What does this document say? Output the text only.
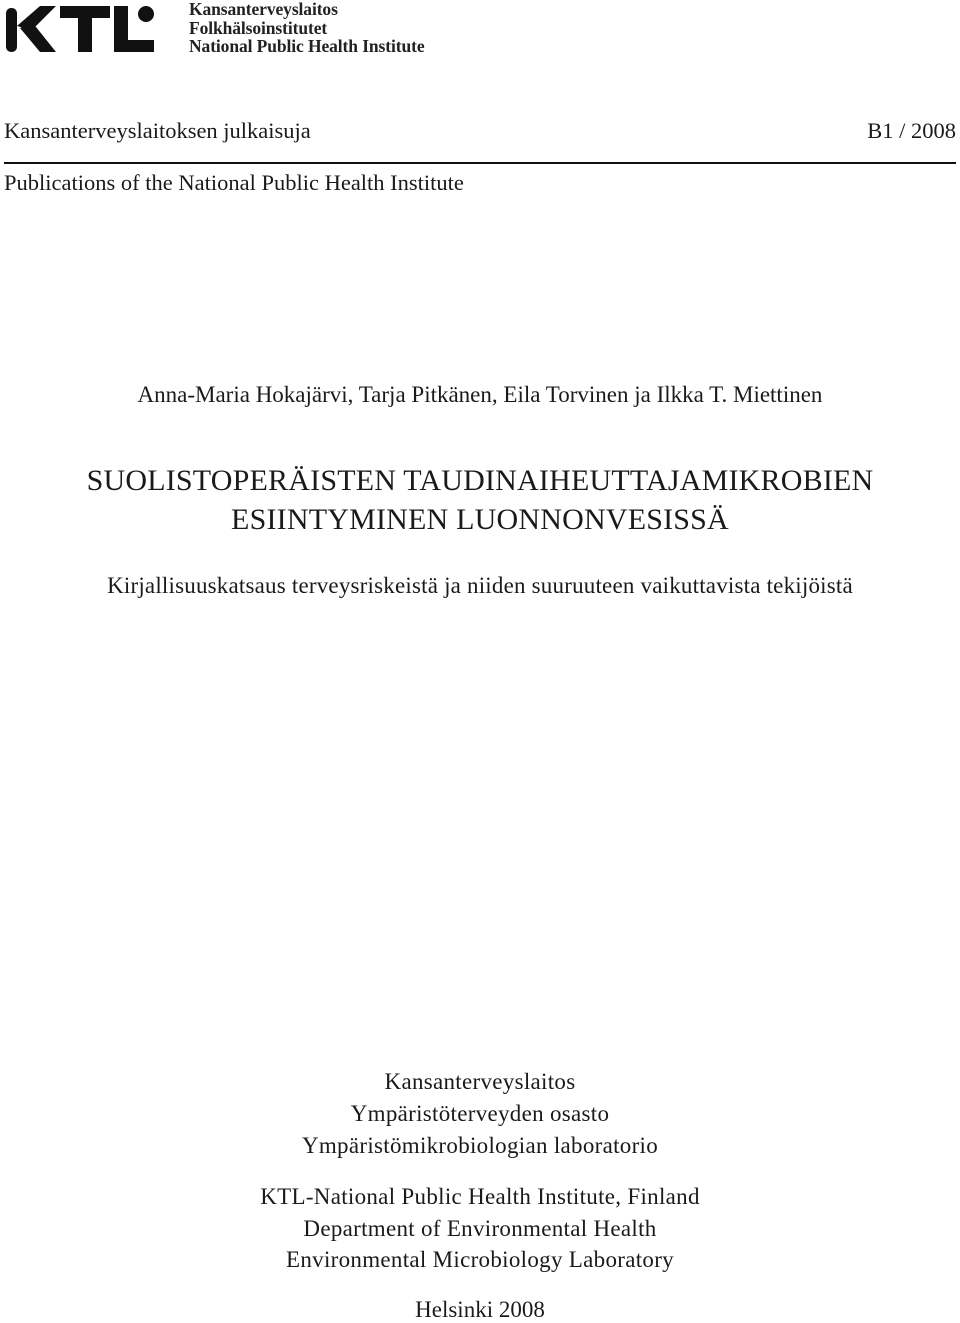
Kansanterveyslaitos
Folkhälsoinstitutet
National Public Health Institute
Kansanterveyslaitoksen julkaisuja	B1 / 2008
Publications of the National Public Health Institute
Anna-Maria Hokajärvi, Tarja Pitkänen, Eila Torvinen ja Ilkka T. Miettinen
SUOLISTOPERÄISTEN TAUDINAIHEUTTAJAMIKROBIEN
ESIINTYMINEN LUONNONVESISSÄ
Kirjallisuuskatsaus terveysriskeistä ja niiden suuruuteen vaikuttavista tekijöistä
Kansanterveyslaitos
Ympäristöterveyden osasto
Ympäristömikrobiologian laboratorio
KTL-National Public Health Institute, Finland
Department of Environmental Health
Environmental Microbiology Laboratory
Helsinki 2008
